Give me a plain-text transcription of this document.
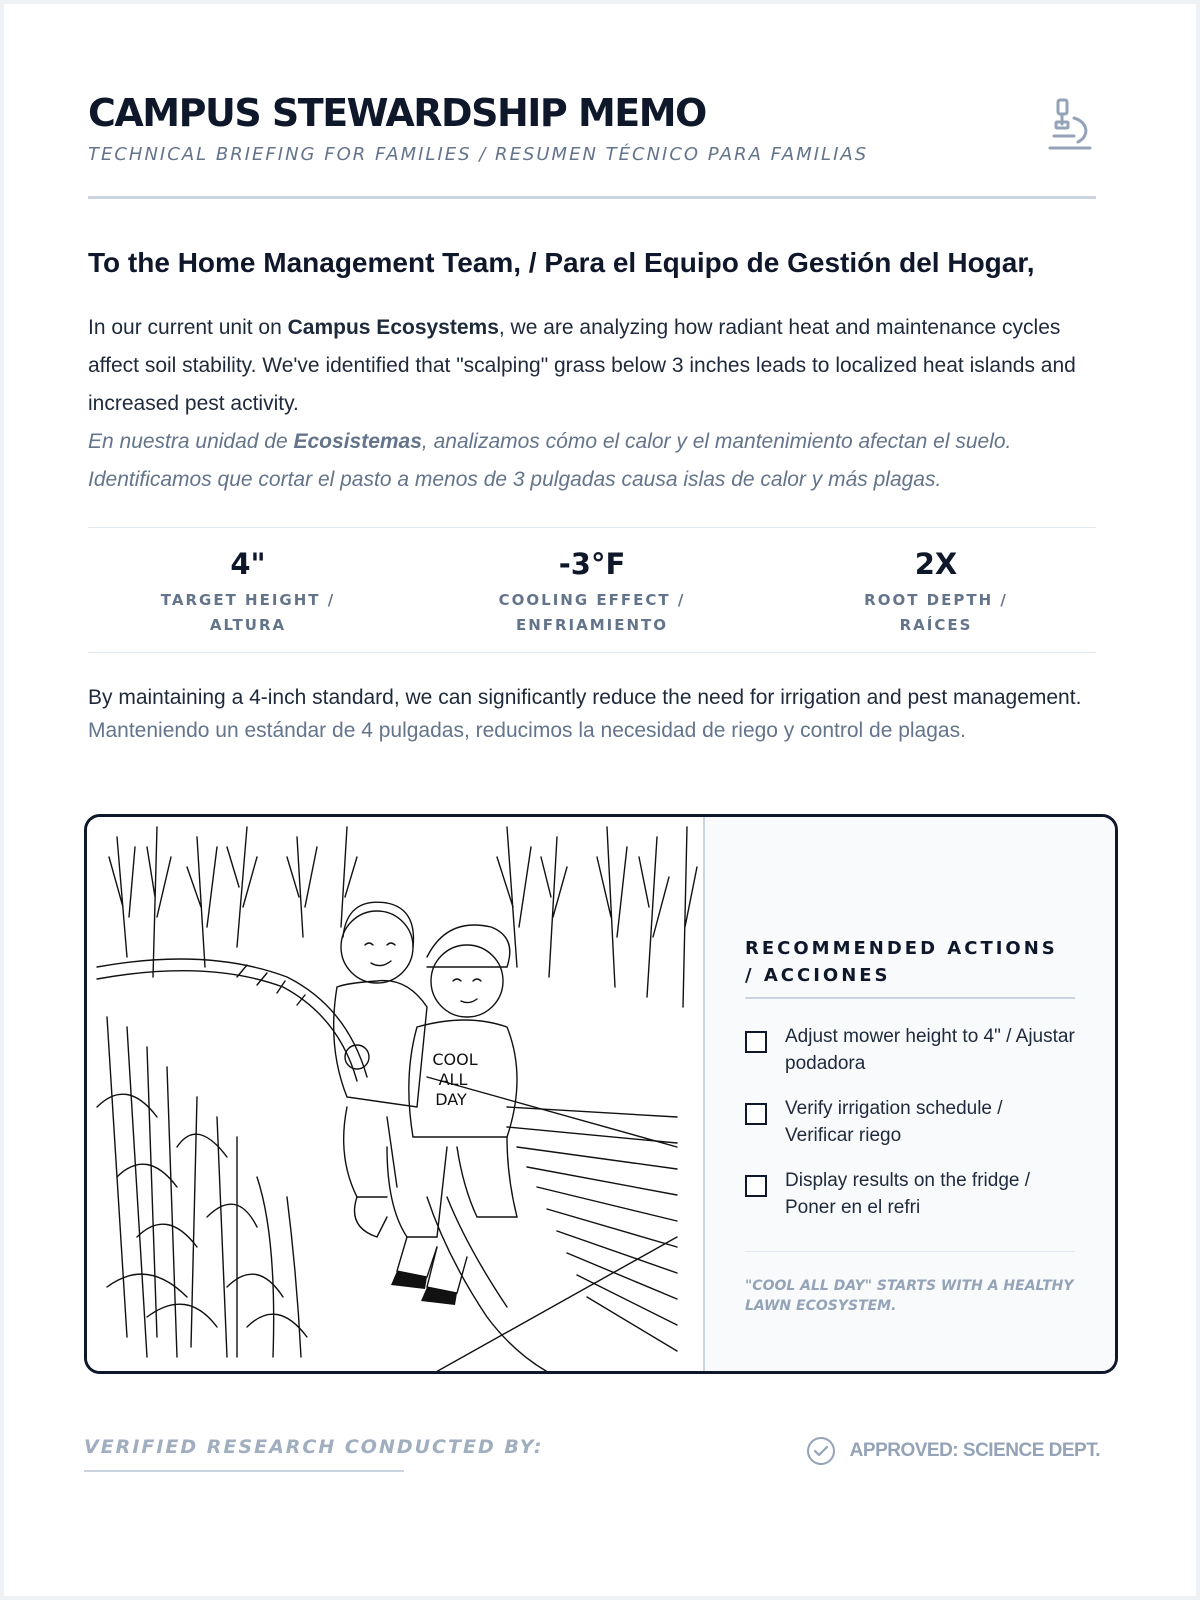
CAMPUS STEWARDSHIP MEMO
TECHNICAL BRIEFING FOR FAMILIES / RESUMEN TÉCNICO PARA FAMILIAS
To the Home Management Team, / Para el Equipo de Gestión del Hogar,

In our current unit on Campus Ecosystems, we are analyzing how radiant heat and maintenance cycles affect soil stability. We've identified that "scalping" grass below 3 inches leads to localized heat islands and increased pest activity.

En nuestra unidad de Ecosistemas, analizamos cómo el calor y el mantenimiento afectan el suelo. Identificamos que cortar el pasto a menos de 3 pulgadas causa islas de calor y más plagas.

4"
TARGET HEIGHT / ALTURA
-3°F
COOLING EFFECT / ENFRIAMIENTO
2X
ROOT DEPTH / RAÍCES

By maintaining a 4-inch standard, we can significantly reduce the need for irrigation and pest management.

Manteniendo un estándar de 4 pulgadas, reducimos la necesidad de riego y control de plagas.

COOL
ALL
DAY
RECOMMENDED ACTIONS / ACCIONES
Adjust mower height to 4" / Ajustar podadora
Verify irrigation schedule / Verificar riego
Display results on the fridge / Poner en el refri
"COOL ALL DAY" STARTS WITH A HEALTHY LAWN ECOSYSTEM.
VERIFIED RESEARCH CONDUCTED BY:	APPROVED: SCIENCE DEPT.
